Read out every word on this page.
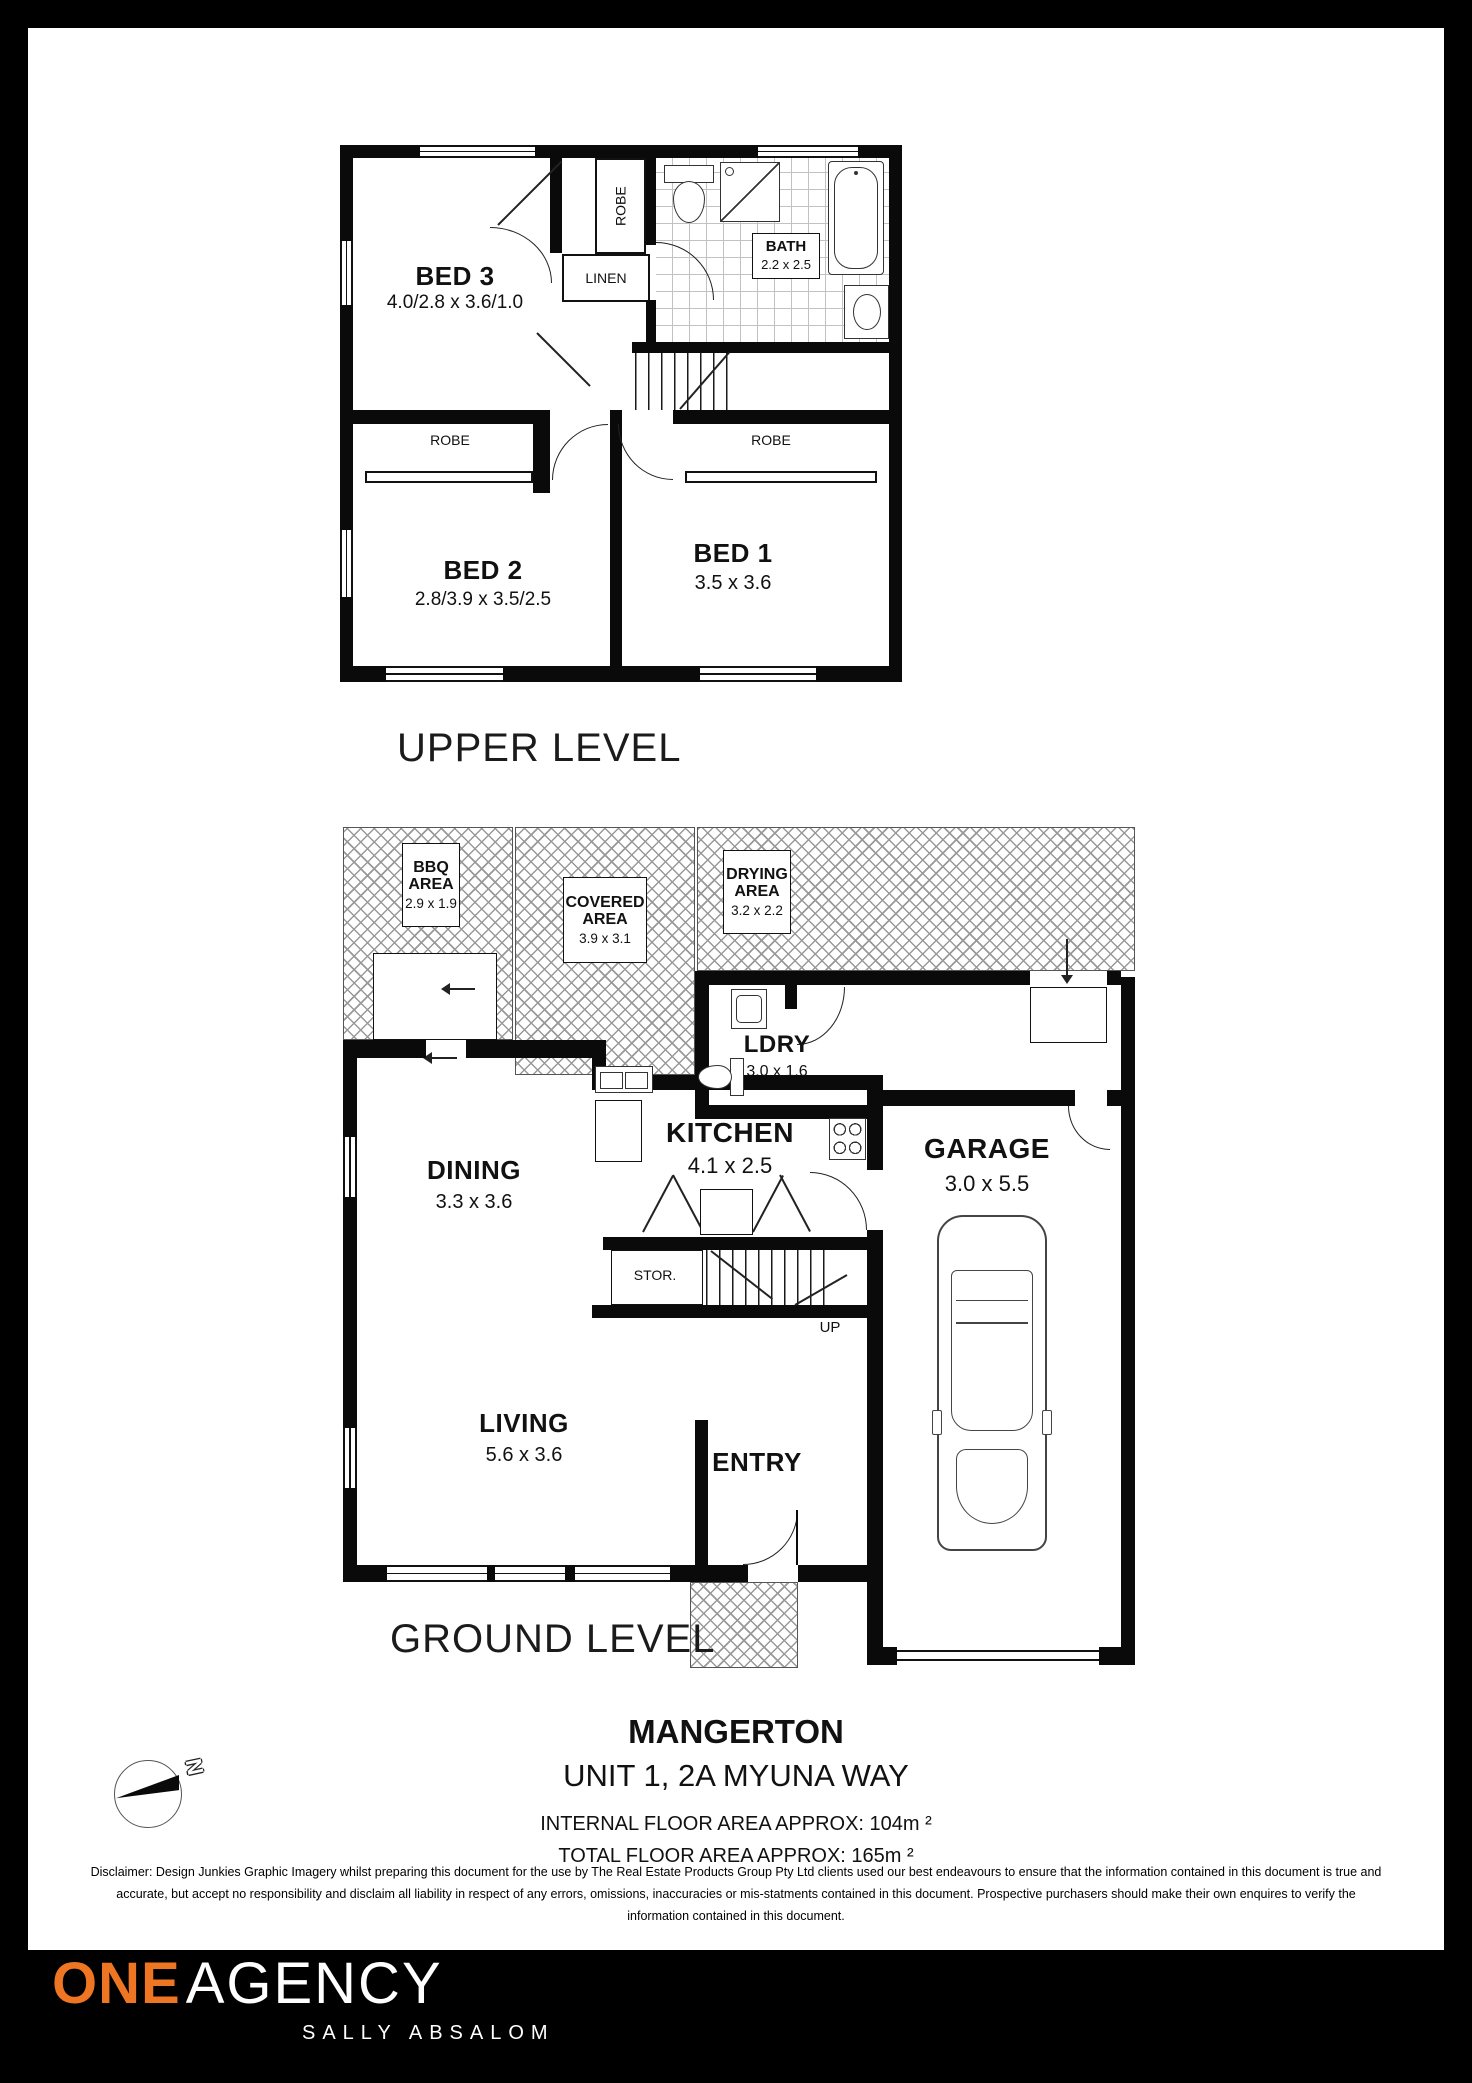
ROBE
LINEN
BATH
2.2 x 2.5
ROBE	ROBE
BED 3
4.0/2.8 x 3.6/1.0
BED 2
2.8/3.9 x 3.5/2.5
BED 1
3.5 x 3.6
UPPER LEVEL
BBQ AREA
2.9 x 1.9	COVERED AREA
3.9 x 3.1
DRYING AREA
3.2 x 2.2
LDRY
3.0 x 1.6
GARAGE
3.0 x 5.5
KITCHEN
4.1 x 2.5
STOR.
UP
DINING
3.3 x 3.6
LIVING
5.6 x 3.6	ENTRY
GROUND LEVEL
MANGERTON
UNIT 1, 2A MYUNA WAY
INTERNAL FLOOR AREA APPROX: 104m ²
TOTAL FLOOR AREA APPROX: 165m ²
N
Disclaimer: Design Junkies Graphic Imagery whilst preparing this document for the use by The Real Estate Products Group Pty Ltd clients used our best endeavours to ensure that the information contained in this document is true and accurate, but accept no responsibility and disclaim all liability in respect of any errors, omissions, inaccuracies or mis-statments contained in this document. Prospective purchasers should make their own enquires to verify the information contained in this document.
ONEAGENCY
SALLY ABSALOM
